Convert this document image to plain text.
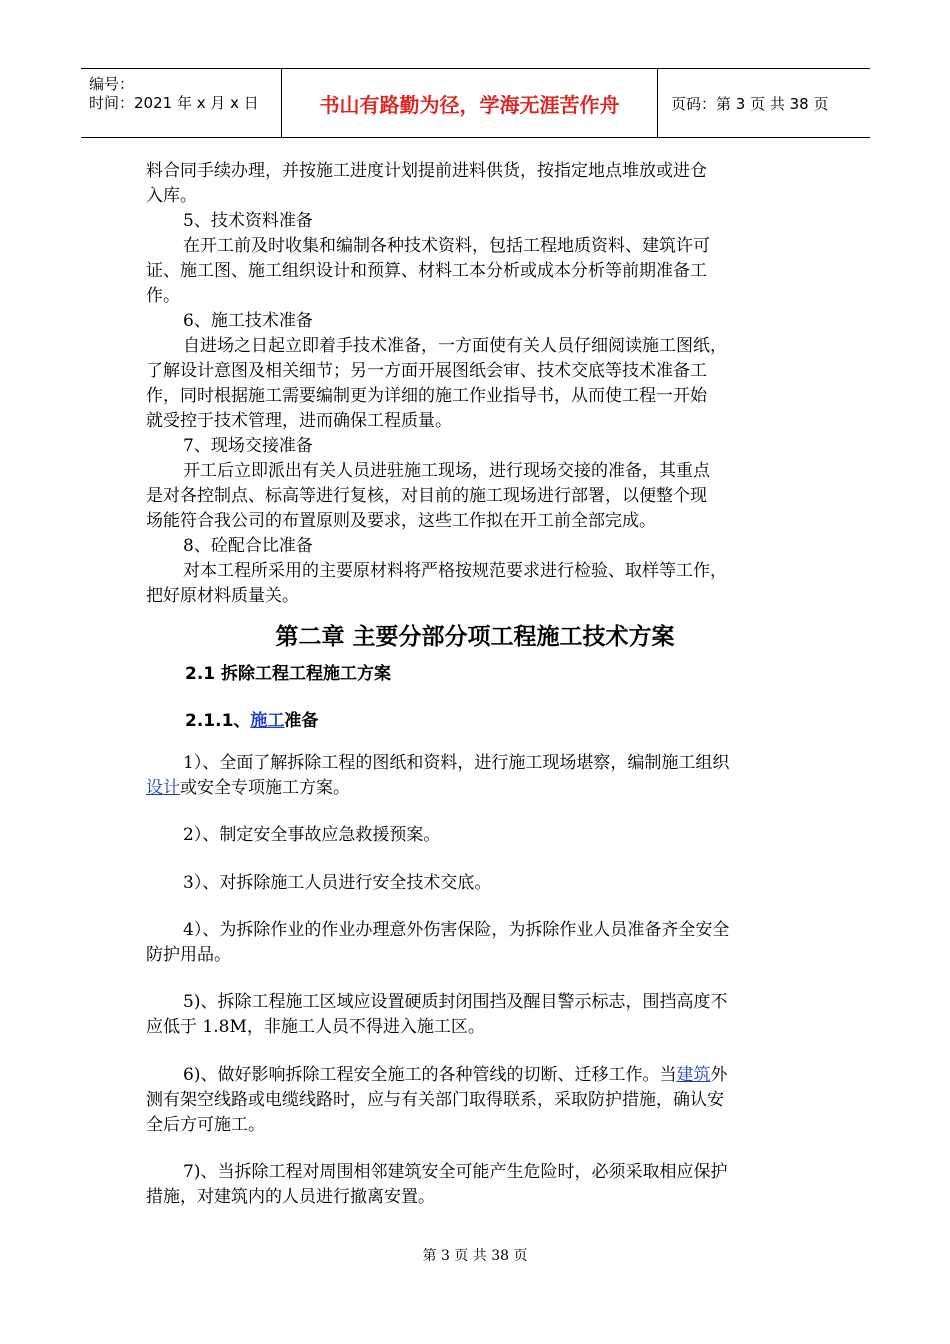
编号：
时间：2021 年 x 月 x 日	书山有路勤为径，学海无涯苦作舟	页码：第 3 页 共 38 页
料合同手续办理，并按施工进度计划提前进料供货，按指定地点堆放或进仓
入库。
5、技术资料准备
在开工前及时收集和编制各种技术资料，包括工程地质资料、建筑许可
证、施工图、施工组织设计和预算、材料工本分析或成本分析等前期准备工
作。
6、施工技术准备
自进场之日起立即着手技术准备，一方面使有关人员仔细阅读施工图纸，
了解设计意图及相关细节；另一方面开展图纸会审、技术交底等技术准备工
作，同时根据施工需要编制更为详细的施工作业指导书，从而使工程一开始
就受控于技术管理，进而确保工程质量。
7、现场交接准备
开工后立即派出有关人员进驻施工现场，进行现场交接的准备，其重点
是对各控制点、标高等进行复核，对目前的施工现场进行部署，以便整个现
场能符合我公司的布置原则及要求，这些工作拟在开工前全部完成。
8、砼配合比准备
对本工程所采用的主要原材料将严格按规范要求进行检验、取样等工作，
把好原材料质量关。
第二章 主要分部分项工程施工技术方案
2.1 拆除工程工程施工方案
2.1.1、施工准备
1）、全面了解拆除工程的图纸和资料，进行施工现场堪察，编制施工组织
设计或安全专项施工方案。
2）、制定安全事故应急救援预案。
3）、对拆除施工人员进行安全技术交底。
4）、为拆除作业的作业办理意外伤害保险，为拆除作业人员准备齐全安全
防护用品。
5)、拆除工程施工区域应设置硬质封闭围挡及醒目警示标志，围挡高度不
应低于 1.8M，非施工人员不得进入施工区。
6)、做好影响拆除工程安全施工的各种管线的切断、迁移工作。当建筑外
测有架空线路或电缆线路时，应与有关部门取得联系，采取防护措施，确认安
全后方可施工。
7)、当拆除工程对周围相邻建筑安全可能产生危险时，必须采取相应保护
措施，对建筑内的人员进行撤离安置。
第 3 页 共 38 页
